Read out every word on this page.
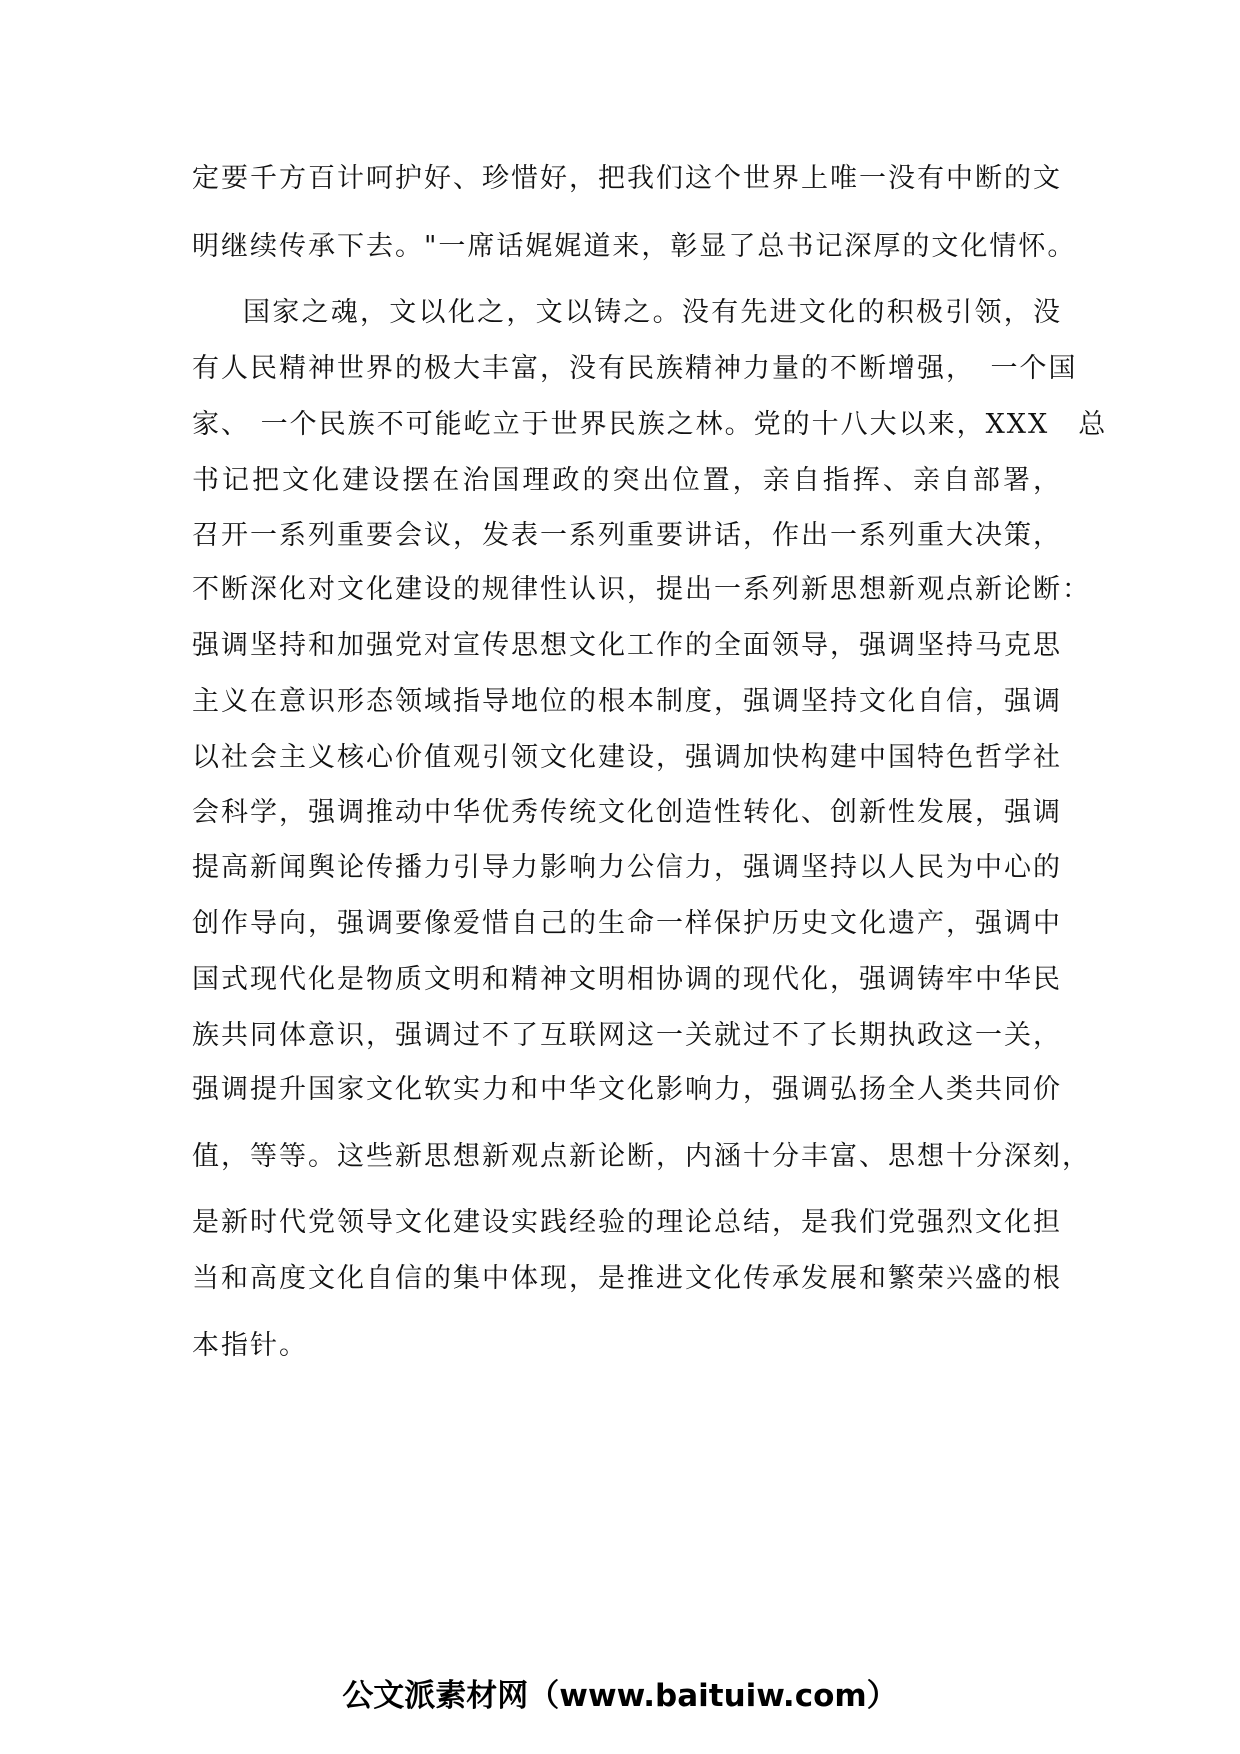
定要千方百计呵护好、珍惜好，把我们这个世界上唯一没有中断的文
明继续传承下去。"一席话娓娓道来，彰显了总书记深厚的文化情怀。
国家之魂，文以化之，文以铸之。没有先进文化的积极引领，没
有人民精神世界的极大丰富，没有民族精神力量的不断增强，　一个国
家、 一个民族不可能屹立于世界民族之林。党的十八大以来，XXX　总
书记把文化建设摆在治国理政的突出位置，亲自指挥、亲自部署，
召开一系列重要会议，发表一系列重要讲话，作出一系列重大决策，
不断深化对文化建设的规律性认识，提出一系列新思想新观点新论断：
强调坚持和加强党对宣传思想文化工作的全面领导，强调坚持马克思
主义在意识形态领域指导地位的根本制度，强调坚持文化自信，强调
以社会主义核心价值观引领文化建设，强调加快构建中国特色哲学社
会科学，强调推动中华优秀传统文化创造性转化、创新性发展，强调
提高新闻舆论传播力引导力影响力公信力，强调坚持以人民为中心的
创作导向，强调要像爱惜自己的生命一样保护历史文化遗产，强调中
国式现代化是物质文明和精神文明相协调的现代化，强调铸牢中华民
族共同体意识，强调过不了互联网这一关就过不了长期执政这一关，
强调提升国家文化软实力和中华文化影响力，强调弘扬全人类共同价
值，等等。这些新思想新观点新论断，内涵十分丰富、思想十分深刻，
是新时代党领导文化建设实践经验的理论总结，是我们党强烈文化担
当和高度文化自信的集中体现，是推进文化传承发展和繁荣兴盛的根
本指针。
公文派素材网（www.baituiw.com）
